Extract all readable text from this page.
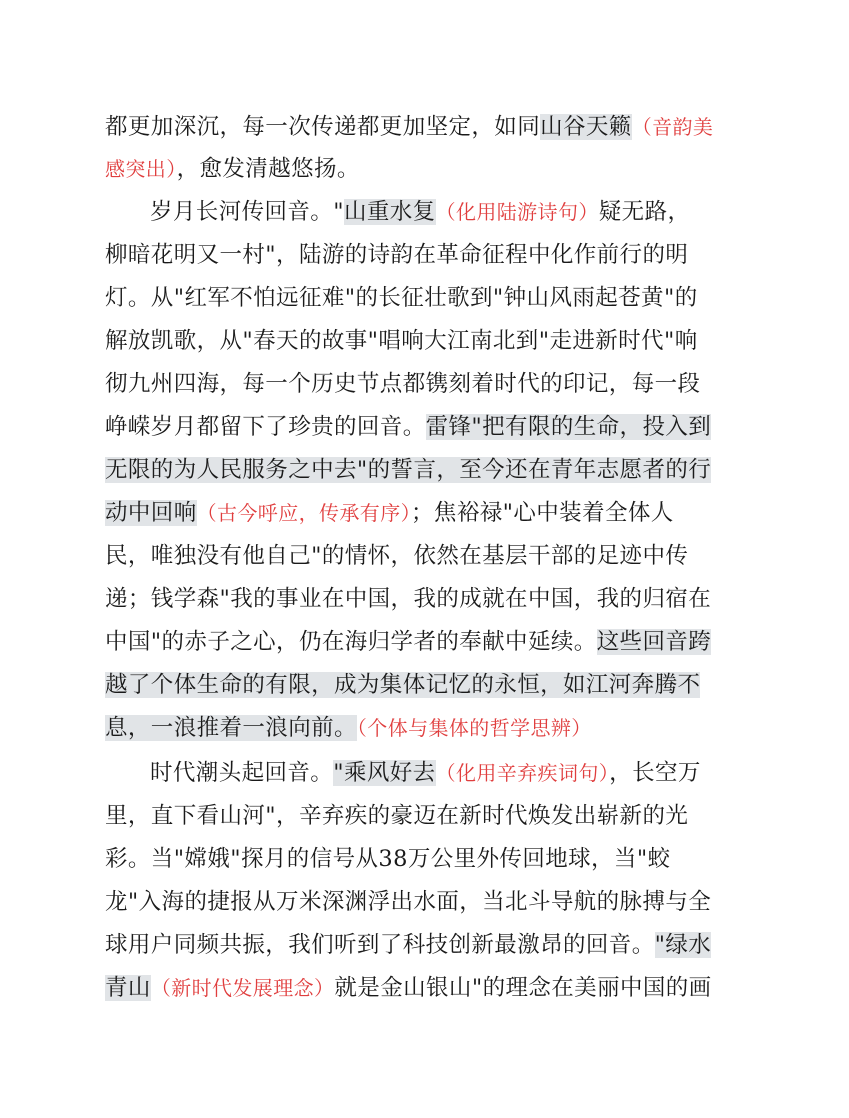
都更加深沉，每一次传递都更加坚定，如同山谷天籁（音韵美
感突出），愈发清越悠扬。
岁月长河传回音。"山重水复（化用陆游诗句）疑无路，
柳暗花明又一村"，陆游的诗韵在革命征程中化作前行的明
灯。从"红军不怕远征难"的长征壮歌到"钟山风雨起苍黄"的
解放凯歌，从"春天的故事"唱响大江南北到"走进新时代"响
彻九州四海，每一个历史节点都镌刻着时代的印记，每一段
峥嵘岁月都留下了珍贵的回音。雷锋"把有限的生命，投入到
无限的为人民服务之中去"的誓言，至今还在青年志愿者的行
动中回响（古今呼应，传承有序）；焦裕禄"心中装着全体人
民，唯独没有他自己"的情怀，依然在基层干部的足迹中传
递；钱学森"我的事业在中国，我的成就在中国，我的归宿在
中国"的赤子之心，仍在海归学者的奉献中延续。这些回音跨
越了个体生命的有限，成为集体记忆的永恒，如江河奔腾不
息，一浪推着一浪向前。（个体与集体的哲学思辨）
时代潮头起回音。"乘风好去（化用辛弃疾词句），长空万
里，直下看山河"，辛弃疾的豪迈在新时代焕发出崭新的光
彩。当"嫦娥"探月的信号从38万公里外传回地球，当"蛟
龙"入海的捷报从万米深渊浮出水面，当北斗导航的脉搏与全
球用户同频共振，我们听到了科技创新最激昂的回音。"绿水
青山（新时代发展理念）就是金山银山"的理念在美丽中国的画
